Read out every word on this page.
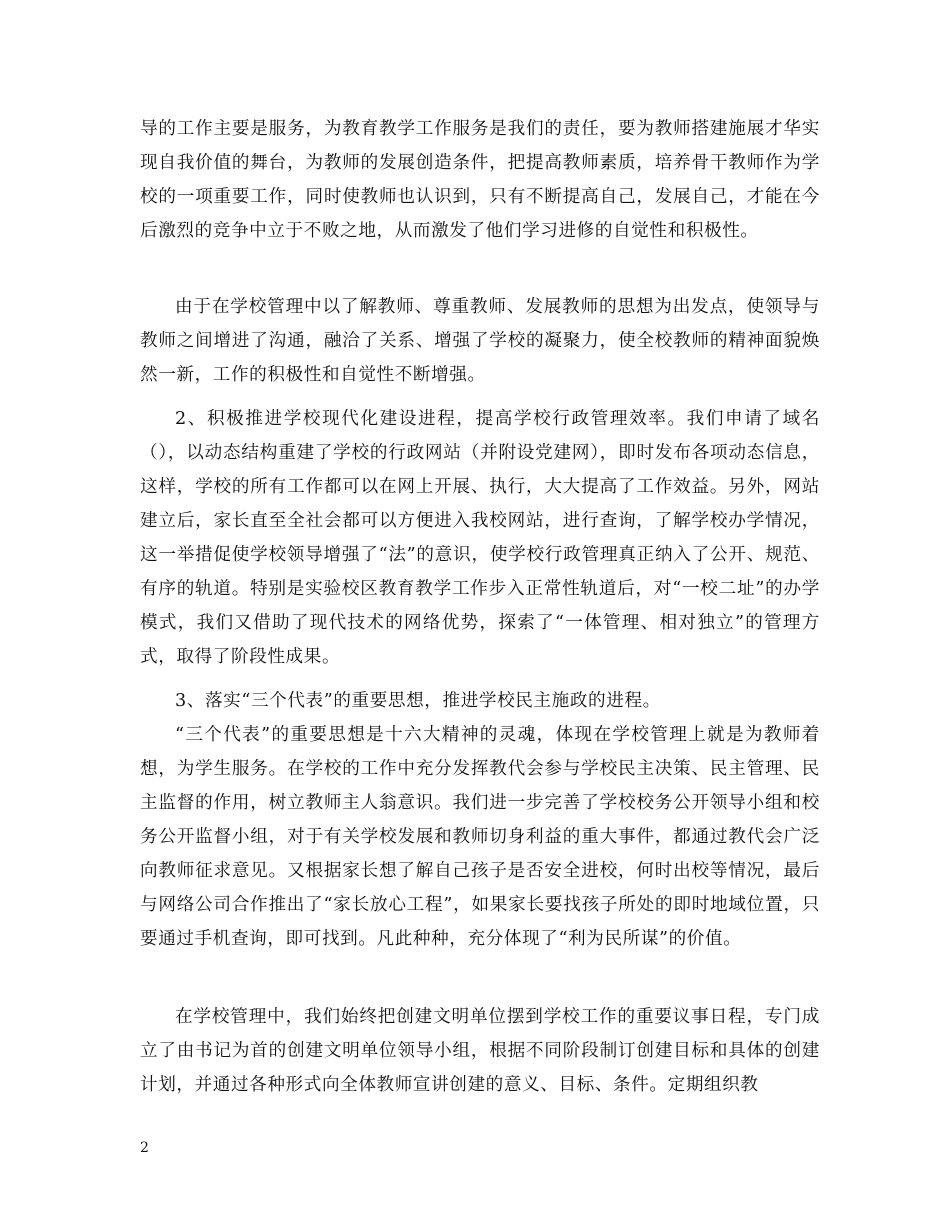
导的工作主要是服务，为教育教学工作服务是我们的责任，要为教师搭建施展才华实现自我价值的舞台，为教师的发展创造条件，把提高教师素质，培养骨干教师作为学校的一项重要工作，同时使教师也认识到，只有不断提高自己，发展自己，才能在今后激烈的竞争中立于不败之地，从而激发了他们学习进修的自觉性和积极性。

由于在学校管理中以了解教师、尊重教师、发展教师的思想为出发点，使领导与教师之间增进了沟通，融洽了关系、增强了学校的凝聚力，使全校教师的精神面貌焕然一新，工作的积极性和自觉性不断增强。

2、积极推进学校现代化建设进程，提高学校行政管理效率。我们申请了域名（），以动态结构重建了学校的行政网站（并附设党建网），即时发布各项动态信息，这样，学校的所有工作都可以在网上开展、执行，大大提高了工作效益。另外，网站建立后，家长直至全社会都可以方便进入我校网站，进行查询，了解学校办学情况，这一举措促使学校领导增强了“法”的意识，使学校行政管理真正纳入了公开、规范、有序的轨道。特别是实验校区教育教学工作步入正常性轨道后，对“一校二址”的办学模式，我们又借助了现代技术的网络优势，探索了“一体管理、相对独立”的管理方式，取得了阶段性成果。

3、落实“三个代表”的重要思想，推进学校民主施政的进程。

“三个代表”的重要思想是十六大精神的灵魂，体现在学校管理上就是为教师着想，为学生服务。在学校的工作中充分发挥教代会参与学校民主决策、民主管理、民主监督的作用，树立教师主人翁意识。我们进一步完善了学校校务公开领导小组和校务公开监督小组，对于有关学校发展和教师切身利益的重大事件，都通过教代会广泛向教师征求意见。又根据家长想了解自己孩子是否安全进校，何时出校等情况，最后与网络公司合作推出了“家长放心工程”，如果家长要找孩子所处的即时地域位置，只要通过手机查询，即可找到。凡此种种，充分体现了“利为民所谋”的价值。

在学校管理中，我们始终把创建文明单位摆到学校工作的重要议事日程，专门成立了由书记为首的创建文明单位领导小组，根据不同阶段制订创建目标和具体的创建计划，并通过各种形式向全体教师宣讲创建的意义、目标、条件。定期组织教

2
